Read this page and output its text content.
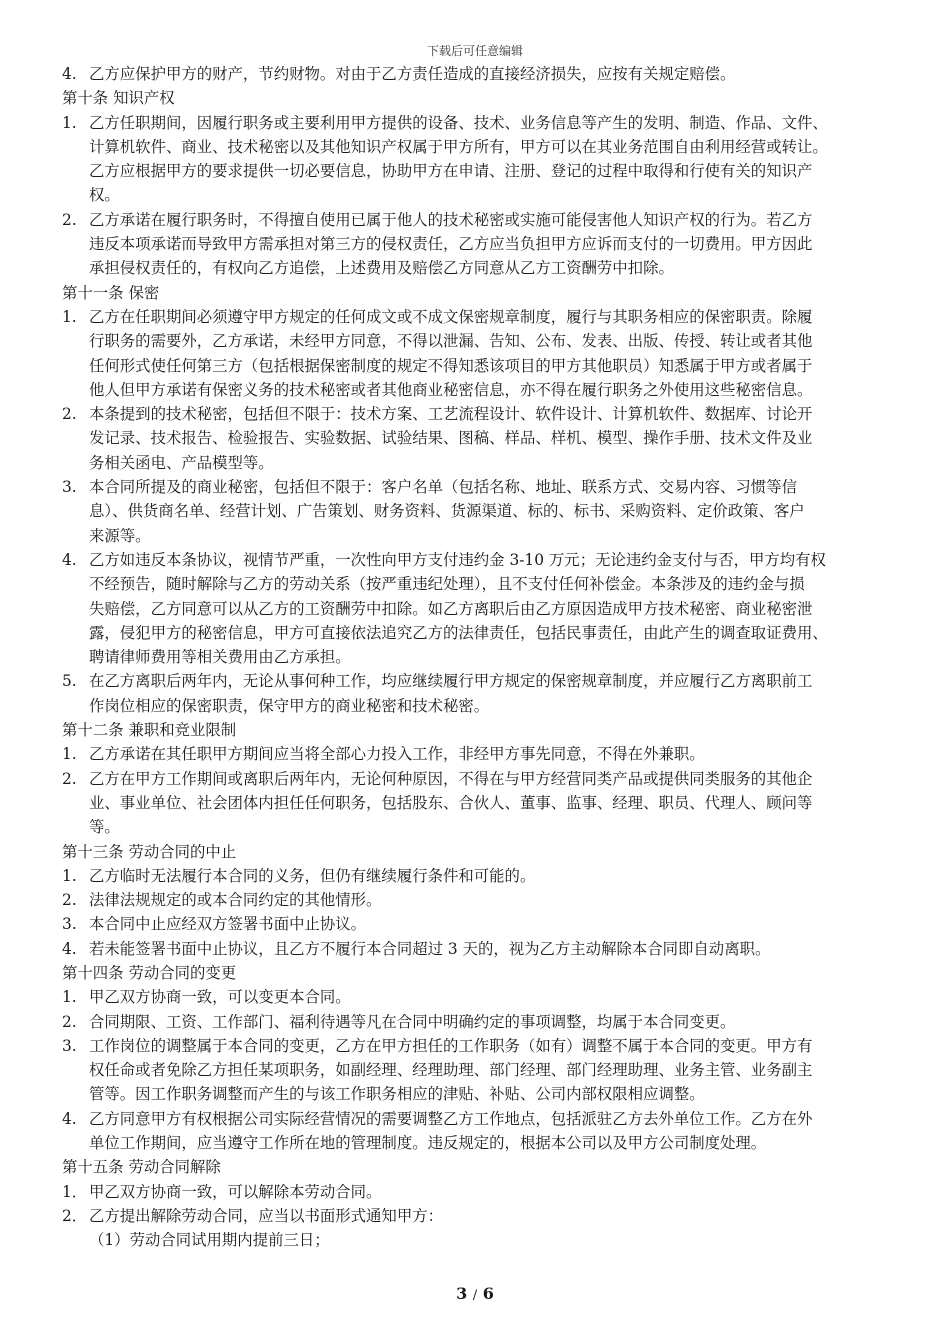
下载后可任意编辑
4. 乙方应保护甲方的财产，节约财物。对由于乙方责任造成的直接经济损失，应按有关规定赔偿。
第十条 知识产权
1. 乙方任职期间，因履行职务或主要利用甲方提供的设备、技术、业务信息等产生的发明、制造、作品、文件、
计算机软件、商业、技术秘密以及其他知识产权属于甲方所有，甲方可以在其业务范围自由利用经营或转让。
乙方应根据甲方的要求提供一切必要信息，协助甲方在申请、注册、登记的过程中取得和行使有关的知识产
权。
2. 乙方承诺在履行职务时，不得擅自使用已属于他人的技术秘密或实施可能侵害他人知识产权的行为。若乙方
违反本项承诺而导致甲方需承担对第三方的侵权责任，乙方应当负担甲方应诉而支付的一切费用。甲方因此
承担侵权责任的，有权向乙方追偿，上述费用及赔偿乙方同意从乙方工资酬劳中扣除。
第十一条 保密
1. 乙方在任职期间必须遵守甲方规定的任何成文或不成文保密规章制度，履行与其职务相应的保密职责。除履
行职务的需要外，乙方承诺，未经甲方同意，不得以泄漏、告知、公布、发表、出版、传授、转让或者其他
任何形式使任何第三方（包括根据保密制度的规定不得知悉该项目的甲方其他职员）知悉属于甲方或者属于
他人但甲方承诺有保密义务的技术秘密或者其他商业秘密信息，亦不得在履行职务之外使用这些秘密信息。
2. 本条提到的技术秘密，包括但不限于：技术方案、工艺流程设计、软件设计、计算机软件、数据库、讨论开
发记录、技术报告、检验报告、实验数据、试验结果、图稿、样品、样机、模型、操作手册、技术文件及业
务相关函电、产品模型等。
3. 本合同所提及的商业秘密，包括但不限于：客户名单（包括名称、地址、联系方式、交易内容、习惯等信
息）、供货商名单、经营计划、广告策划、财务资料、货源渠道、标的、标书、采购资料、定价政策、客户
来源等。
4. 乙方如违反本条协议，视情节严重，一次性向甲方支付违约金 3-10 万元；无论违约金支付与否，甲方均有权
不经预告，随时解除与乙方的劳动关系（按严重违纪处理），且不支付任何补偿金。本条涉及的违约金与损
失赔偿，乙方同意可以从乙方的工资酬劳中扣除。如乙方离职后由乙方原因造成甲方技术秘密、商业秘密泄
露，侵犯甲方的秘密信息，甲方可直接依法追究乙方的法律责任，包括民事责任，由此产生的调查取证费用、
聘请律师费用等相关费用由乙方承担。
5. 在乙方离职后两年内，无论从事何种工作，均应继续履行甲方规定的保密规章制度，并应履行乙方离职前工
作岗位相应的保密职责，保守甲方的商业秘密和技术秘密。
第十二条 兼职和竞业限制
1. 乙方承诺在其任职甲方期间应当将全部心力投入工作，非经甲方事先同意，不得在外兼职。
2. 乙方在甲方工作期间或离职后两年内，无论何种原因，不得在与甲方经营同类产品或提供同类服务的其他企
业、事业单位、社会团体内担任任何职务，包括股东、合伙人、董事、监事、经理、职员、代理人、顾问等
等。
第十三条 劳动合同的中止
1. 乙方临时无法履行本合同的义务，但仍有继续履行条件和可能的。
2. 法律法规规定的或本合同约定的其他情形。
3. 本合同中止应经双方签署书面中止协议。
4. 若未能签署书面中止协议，且乙方不履行本合同超过 3 天的，视为乙方主动解除本合同即自动离职。
第十四条 劳动合同的变更
1. 甲乙双方协商一致，可以变更本合同。
2. 合同期限、工资、工作部门、福利待遇等凡在合同中明确约定的事项调整，均属于本合同变更。
3. 工作岗位的调整属于本合同的变更，乙方在甲方担任的工作职务（如有）调整不属于本合同的变更。甲方有
权任命或者免除乙方担任某项职务，如副经理、经理助理、部门经理、部门经理助理、业务主管、业务副主
管等。因工作职务调整而产生的与该工作职务相应的津贴、补贴、公司内部权限相应调整。
4. 乙方同意甲方有权根据公司实际经营情况的需要调整乙方工作地点，包括派驻乙方去外单位工作。乙方在外
单位工作期间，应当遵守工作所在地的管理制度。违反规定的，根据本公司以及甲方公司制度处理。
第十五条 劳动合同解除
1． 甲乙双方协商一致，可以解除本劳动合同。
2． 乙方提出解除劳动合同，应当以书面形式通知甲方：
（1）劳动合同试用期内提前三日；
3 / 6
